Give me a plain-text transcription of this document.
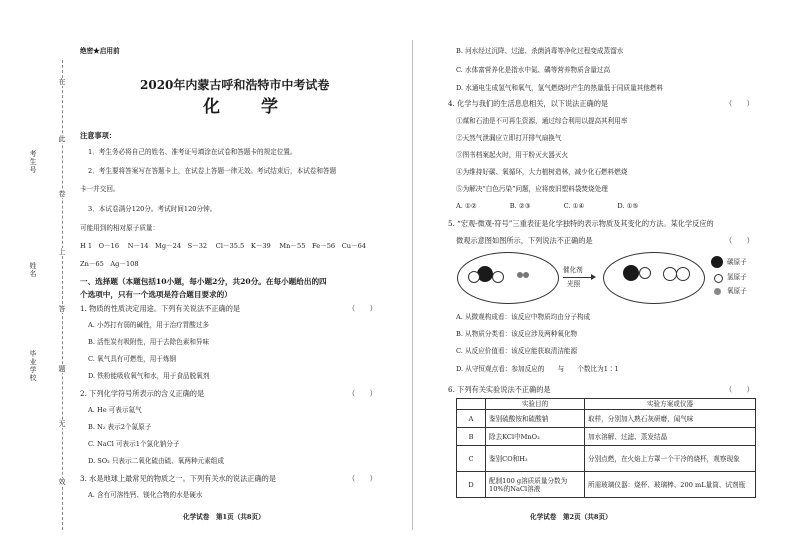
考生号
姓名
毕业学校
在
此
卷
上
答
题
无
效
绝密★启用前
2020年内蒙古呼和浩特市中考试卷
化　学
注意事项：
1．考生务必将自己的姓名、准考证号填涂在试卷和答题卡的规定位置。
2．考生要将答案写在答题卡上，在试卷上答题一律无效。考试结束后，本试卷和答题
卡一并交回。
3．本试卷满分120分。考试时间120分钟。
可能用到的相对原子质量：
H 1　O－16　 N－14　Mg－24　S－32　 Cl－35.5　K－39　 Mn－55　Fe－56　Cu－64
Zn－65　Ag－108
一、选择题（本题包括10小题，每小题2分，共20分。在每小题给出的四
个选项中，只有一个选项是符合题目要求的）
1. 物质的性质决定用途。下列有关说法不正确的是	（　　）
A. 小苏打有弱的碱性，用于治疗胃酸过多
B. 活性炭有吸附性，用于去除色素和异味
C. 氧气具有可燃性，用于炼钢
D. 铁粉能吸收氧气和水，用于食品脱氧剂
2. 下列化学符号所表示的含义正确的是	（　　）
A. He 可表示氦气
B. N₂ 表示2个氮原子
C. NaCl 可表示1个氯化钠分子
D. SO₂ 只表示二氧化硫由硫、氧两种元素组成
3. 水是地球上最常见的物质之一。下列有关水的说法正确的是	（　　）
A. 含有可溶性钙、镁化合物的水是硬水
化学试卷　第1页（共8页）
B. 河水经过沉降、过滤、杀菌消毒等净化过程变成蒸馏水
C. 水体富营养化是指水中氮、磷等营养物质含量过高
D. 水通电生成氢气和氧气，氢气燃烧时产生的热量低于同质量其他燃料
4. 化学与我们的生活息息相关，以下说法正确的是	（　　）
①煤和石油是不可再生资源，通过综合利用以提高其利用率
②天然气泄漏应立即打开排气扇换气
③图书档案起火时，用干粉灭火器灭火
④为维持好碳、氧循环，大力植树造林，减少化石燃料燃烧
⑤为解决“白色污染”问题，应将废旧塑料袋焚烧处理
A. ①②　　　　　B. ②③　　　　　C. ①④　　　　　D. ①⑤
5. “宏观-微观-符号”三重表征是化学独特的表示物质及其变化的方法。某化学反应的
微观示意图如图所示，下列说法不正确的是	（　　）
催化剂
光照
碳原子
氢原子
氧原子
A. 从微观构成看：该反应中物质均由分子构成
B. 从物质分类看：该反应涉及两种氧化物
C. 从反应价值看：该反应能获取清洁能源
D. 从守恒观点看：参加反应的　　与　　个数比为1∶1
6. 下列有关实验说法不正确的是	（　　）
	实验目的	实验方案或仪器
A	鉴别硫酸铵和硫酸钠	取样，分别加入熟石灰研磨，闻气味
B	除去KCl中MnO₂	加水溶解、过滤、蒸发结晶
C	鉴别CO和H₂	分别点燃，在火焰上方罩一个干冷的烧杯，观察现象
D	配制100 g溶质质量分数为10%的NaCl溶液	所需玻璃仪器：烧杯、玻璃棒、200 mL量筒、试剂瓶
化学试卷　第2页（共8页）
